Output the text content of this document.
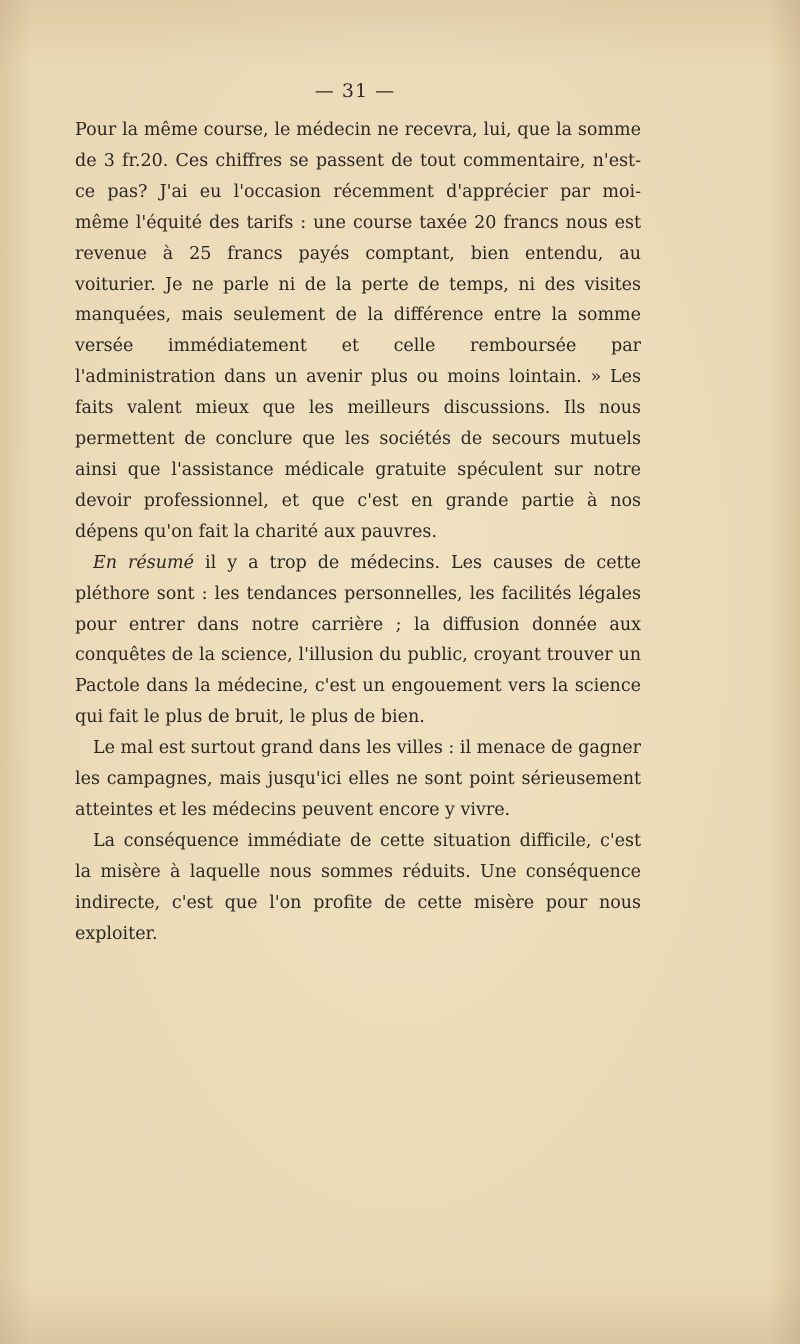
— 31 —

Pour la même course, le médecin ne recevra, lui, que la somme de 3 fr.20. Ces chiffres se passent de tout commentaire, n'est-ce pas? J'ai eu l'occasion récemment d'apprécier par moi-même l'équité des tarifs : une course taxée 20 francs nous est revenue à 25 francs payés comptant, bien entendu, au voiturier. Je ne parle ni de la perte de temps, ni des visites manquées, mais seulement de la différence entre la somme versée immédiatement et celle remboursée par l'administration dans un avenir plus ou moins lointain. » Les faits valent mieux que les meilleurs discussions. Ils nous permettent de conclure que les sociétés de secours mutuels ainsi que l'assistance médicale gratuite spéculent sur notre devoir professionnel, et que c'est en grande partie à nos dépens qu'on fait la charité aux pauvres.

En résumé il y a trop de médecins. Les causes de cette pléthore sont : les tendances personnelles, les facilités légales pour entrer dans notre carrière ; la diffusion donnée aux conquêtes de la science, l'illusion du public, croyant trouver un Pactole dans la médecine, c'est un engouement vers la science qui fait le plus de bruit, le plus de bien.

Le mal est surtout grand dans les villes : il menace de gagner les campagnes, mais jusqu'ici elles ne sont point sérieusement atteintes et les médecins peuvent encore y vivre.

La conséquence immédiate de cette situation difficile, c'est la misère à laquelle nous sommes réduits. Une conséquence indirecte, c'est que l'on profite de cette misère pour nous exploiter.
